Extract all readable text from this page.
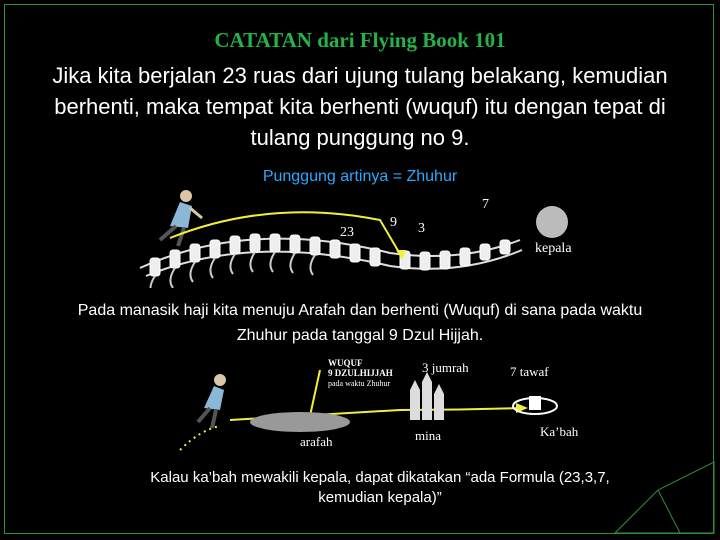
CATATAN dari Flying Book 101
Jika kita berjalan 23 ruas dari ujung tulang belakang, kemudian berhenti, maka tempat kita berhenti (wuquf) itu dengan tepat di tulang punggung no 9.
Punggung artinya = Zhuhur
23
9 3
7
kepala
Pada manasik haji kita menuju Arafah dan berhenti (Wuquf) di sana pada waktu Zhuhur pada tanggal 9 Dzul Hijjah.
WUQUF
9 DZULHIJJAH
pada waktu Zhuhur
3 jumrah	7 tawaf
arafah	mina	Ka’bah
Kalau ka’bah mewakili kepala, dapat dikatakan “ada Formula (23,3,7, kemudian kepala)”
